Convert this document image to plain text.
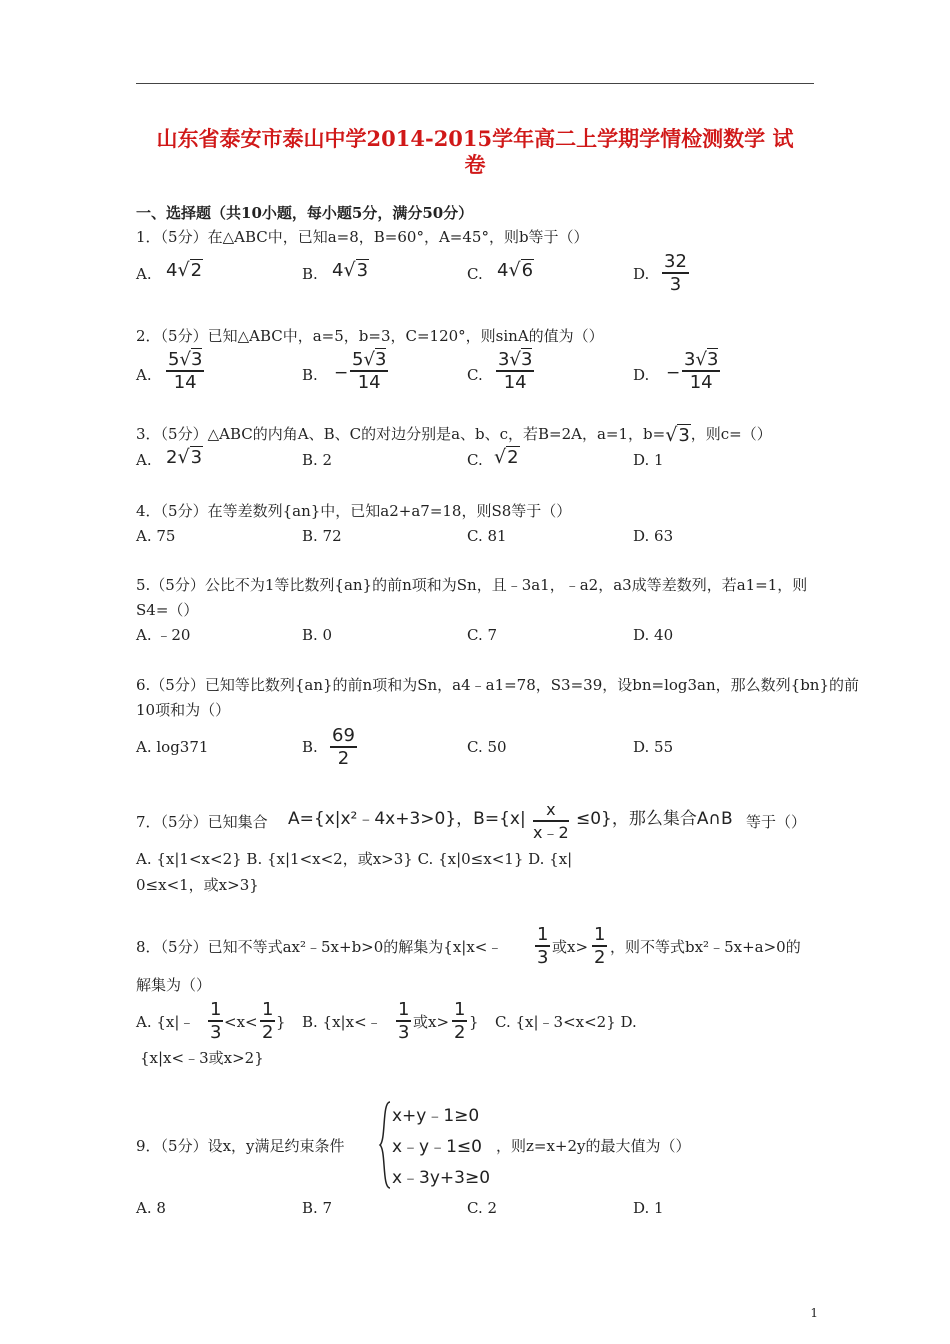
山东省泰安市泰山中学2014-2015学年高二上学期学情检测数学 试
卷
一、选择题（共10小题，每小题5分，满分50分）
1．（5分）在△ABC中，已知a=8，B=60°，A=45°，则b等于（）
A. 4√2	B. 4√3	C. 4√6	D. $\frac{32}{3}$
2．（5分）已知△ABC中，a=5，b=3，C=120°，则sinA的值为（）
A. $\frac{5√3}{14}$	B. − $\frac{5√3}{14}$	C. $\frac{3√3}{14}$	D. − $\frac{3√3}{14}$
3．（5分）△ABC的内角A、B、C的对边分别是a、b、c，若B=2A，a=1，b=√3，则c=（）
A. 2√3	B. 2	C. √2	D. 1
4．（5分）在等差数列{an}中，已知a2+a7=18，则S8等于（）
A. 75	B. 72	C. 81	D. 63
5.（5分）公比不为1等比数列{an}的前n项和为Sn，且﹣3a1，﹣a2，a3成等差数列，若a1=1，则
S4=（）
A. ﹣20	B. 0	C. 7	D. 40
6.（5分）已知等比数列{an}的前n项和为Sn，a4﹣a1=78，S3=39，设bn=log3an，那么数列{bn}的前
10项和为（）
A. log371	B. $\frac{69}{2}$	C. 50	D. 55
7．（5分）已知集合 A={x|x²﹣4x+3>0}，$B=\{x| \frac{x}{x﹣2} \le 0\}$，那么集合A∩B 等于（）
A. {x|1<x<2} B. {x|1<x<2，或x>3} C. {x|0≤x<1} D. {x|
0≤x<1，或x>3}
8．（5分）已知不等式ax²﹣5x+b>0的解集为{x|x<﹣ $\frac{1}{3}$ 或$x> \frac{1}{2}$ ，则不等式bx²﹣5x+a>0的
解集为（）
A. {x|﹣ $\frac{1}{3} <x< \frac{1}{2}$ } B. {x|x<﹣ $\frac{1}{3}$ 或$x> \frac{1}{2}$ } C. {x|﹣3<x<2} D.
{x|x<﹣3或x>2}
9．（5分）设x，y满足约束条件
x+y﹣1≥0
x﹣y﹣1≤0
x﹣3y+3≥0
，则z=x+2y的最大值为（）
A. 8	B. 7	C. 2	D. 1
1
